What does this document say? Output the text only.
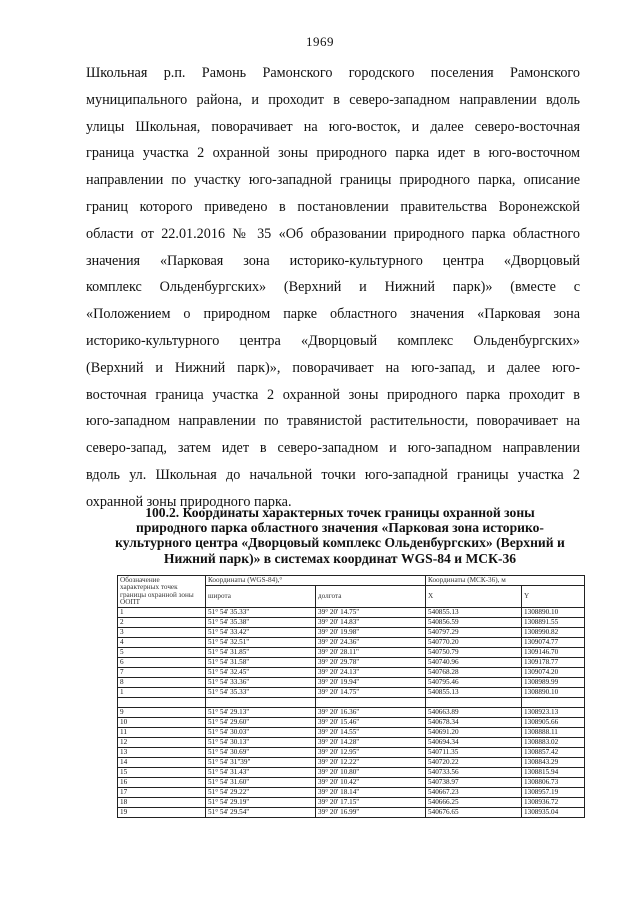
1969
Школьная р.п. Рамонь Рамонского городского поселения Рамонского
муниципального района, и проходит в северо-западном направлении вдоль
улицы Школьная, поворачивает на юго-восток, и далее северо-восточная
граница участка 2 охранной зоны природного парка идет в юго-восточном
направлении по участку юго-западной границы природного парка, описание
границ которого приведено в постановлении правительства Воронежской
области от 22.01.2016 № 35 «Об образовании природного парка областного
значения «Парковая зона историко-культурного центра «Дворцовый
комплекс Ольденбургских» (Верхний и Нижний парк)» (вместе с
«Положением о природном парке областного значения «Парковая зона
историко-культурного центра «Дворцовый комплекс Ольденбургских»
(Верхний и Нижний парк)», поворачивает на юго-запад, и далее юго-
восточная граница участка 2 охранной зоны природного парка проходит в
юго-западном направлении по травянистой растительности, поворачивает на
северо-запад, затем идет в северо-западном и юго-западном направлении
вдоль ул. Школьная до начальной точки юго-западной границы участка 2
охранной зоны природного парка.
100.2. Координаты характерных точек границы охранной зоны
природного парка областного значения «Парковая зона историко-
культурного центра «Дворцовый комплекс Ольденбургских» (Верхний и
Нижний парк)» в системах координат WGS-84 и МСК-36
Обозначение
характерных точек
границы охранной зоны
ООПТ	Координаты (WGS-84),°		Координаты (МСК-36), м	
	широта	долгота	X	Y
1	51° 54' 35.33"	39° 20' 14.75"	540855.13	1308890.10
2	51° 54' 35.38"	39° 20' 14.83"	540856.59	1308891.55
3	51° 54' 33.42"	39° 20' 19.98"	540797.29	1308990.82
4	51° 54' 32.51"	39° 20' 24.36"	540770.20	1309074.77
5	51° 54' 31.85"	39° 20' 28.11"	540750.79	1309146.70
6	51° 54' 31.58"	39° 20' 29.78"	540740.96	1309178.77
7	51° 54' 32.45"	39° 20' 24.13"	540768.28	1309074.20
8	51° 54' 33.36"	39° 20' 19.94"	540795.46	1308989.99
1	51° 54' 35.33"	39° 20' 14.75"	540855.13	1308890.10

9	51° 54' 29.13"	39° 20' 16.36"	540663.89	1308923.13
10	51° 54' 29.60"	39° 20' 15.46"	540678.34	1308905.66
11	51° 54' 30.03"	39° 20' 14.55"	540691.20	1308888.11
12	51° 54' 30.13"	39° 20' 14.28"	540694.34	1308883.02
13	51° 54' 30.69"	39° 20' 12.95"	540711.35	1308857.42
14	51° 54' 31"39"	39° 20' 12.22"	540720.22	1308843.29
15	51° 54' 31.43"	39° 20' 10.80"	540733.56	1308815.94
16	51° 54' 31.60"	39° 20' 10.42"	540738.97	1308806.73
17	51° 54' 29.22"	39° 20' 18.14"	540667.23	1308957.19
18	51° 54' 29.19"	39° 20' 17.15"	540666.25	1308936.72
19	51° 54' 29.54"	39° 20' 16.99"	540676.65	1308935.04
